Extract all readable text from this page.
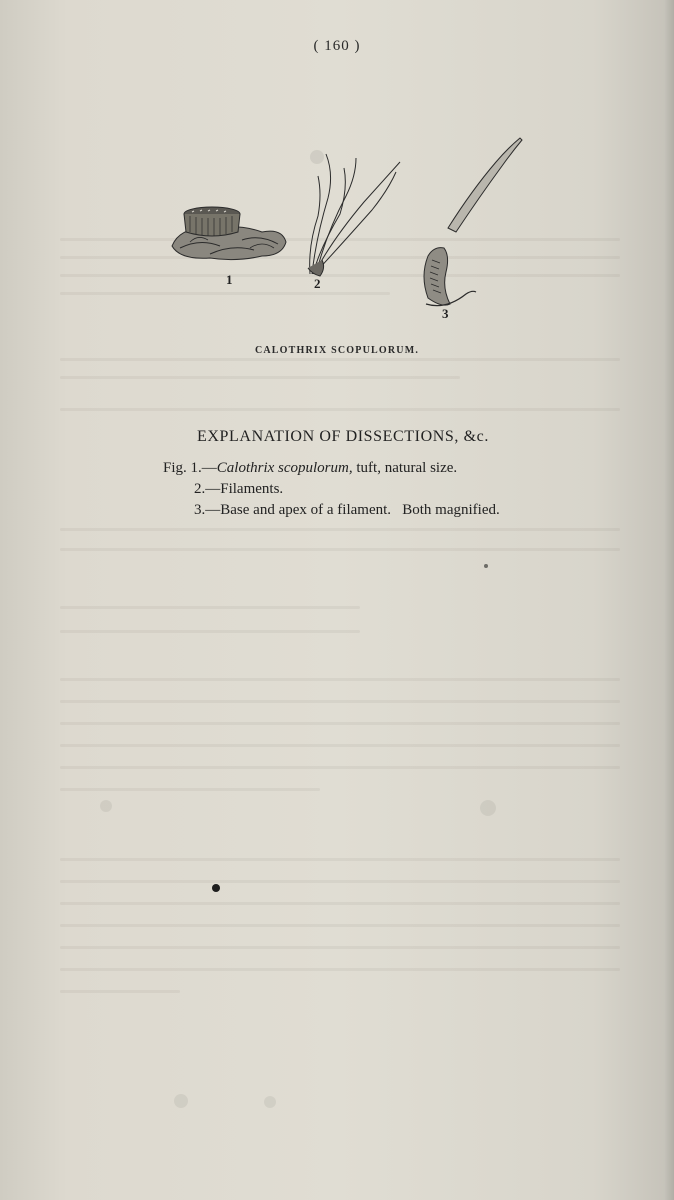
( 160 )
1	2
3
CALOTHRIX SCOPULORUM.
EXPLANATION OF DISSECTIONS, &c.
Fig. 1.—Calothrix scopulorum, tuft, natural size.
2.—Filaments.
3.—Base and apex of a filament.   Both magnified.
